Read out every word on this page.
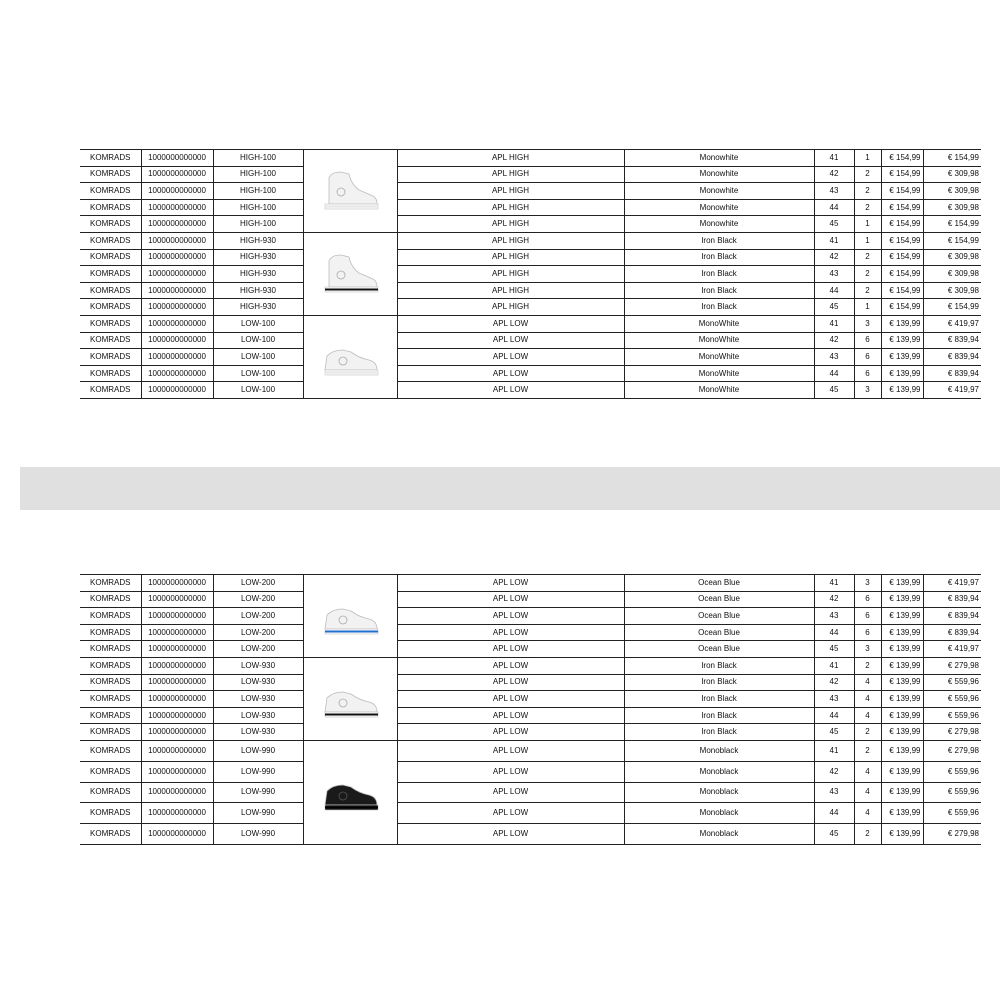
KOMRADS	1000000000000	HIGH-100		APL HIGH	Monowhite	41	1	€ 154,99	€ 154,99
KOMRADS	1000000000000	HIGH-100		APL HIGH	Monowhite	42	2	€ 154,99	€ 309,98
KOMRADS	1000000000000	HIGH-100		APL HIGH	Monowhite	43	2	€ 154,99	€ 309,98
KOMRADS	1000000000000	HIGH-100		APL HIGH	Monowhite	44	2	€ 154,99	€ 309,98
KOMRADS	1000000000000	HIGH-100		APL HIGH	Monowhite	45	1	€ 154,99	€ 154,99
KOMRADS	1000000000000	HIGH-930		APL HIGH	Iron Black	41	1	€ 154,99	€ 154,99
KOMRADS	1000000000000	HIGH-930		APL HIGH	Iron Black	42	2	€ 154,99	€ 309,98
KOMRADS	1000000000000	HIGH-930		APL HIGH	Iron Black	43	2	€ 154,99	€ 309,98
KOMRADS	1000000000000	HIGH-930		APL HIGH	Iron Black	44	2	€ 154,99	€ 309,98
KOMRADS	1000000000000	HIGH-930		APL HIGH	Iron Black	45	1	€ 154,99	€ 154,99
KOMRADS	1000000000000	LOW-100		APL LOW	MonoWhite	41	3	€ 139,99	€ 419,97
KOMRADS	1000000000000	LOW-100		APL LOW	MonoWhite	42	6	€ 139,99	€ 839,94
KOMRADS	1000000000000	LOW-100		APL LOW	MonoWhite	43	6	€ 139,99	€ 839,94
KOMRADS	1000000000000	LOW-100		APL LOW	MonoWhite	44	6	€ 139,99	€ 839,94
KOMRADS	1000000000000	LOW-100		APL LOW	MonoWhite	45	3	€ 139,99	€ 419,97
KOMRADS	1000000000000	LOW-200		APL LOW	Ocean Blue	41	3	€ 139,99	€ 419,97
KOMRADS	1000000000000	LOW-200		APL LOW	Ocean Blue	42	6	€ 139,99	€ 839,94
KOMRADS	1000000000000	LOW-200		APL LOW	Ocean Blue	43	6	€ 139,99	€ 839,94
KOMRADS	1000000000000	LOW-200		APL LOW	Ocean Blue	44	6	€ 139,99	€ 839,94
KOMRADS	1000000000000	LOW-200		APL LOW	Ocean Blue	45	3	€ 139,99	€ 419,97
KOMRADS	1000000000000	LOW-930		APL LOW	Iron Black	41	2	€ 139,99	€ 279,98
KOMRADS	1000000000000	LOW-930		APL LOW	Iron Black	42	4	€ 139,99	€ 559,96
KOMRADS	1000000000000	LOW-930		APL LOW	Iron Black	43	4	€ 139,99	€ 559,96
KOMRADS	1000000000000	LOW-930		APL LOW	Iron Black	44	4	€ 139,99	€ 559,96
KOMRADS	1000000000000	LOW-930		APL LOW	Iron Black	45	2	€ 139,99	€ 279,98
KOMRADS	1000000000000	LOW-990		APL LOW	Monoblack	41	2	€ 139,99	€ 279,98
KOMRADS	1000000000000	LOW-990		APL LOW	Monoblack	42	4	€ 139,99	€ 559,96
KOMRADS	1000000000000	LOW-990		APL LOW	Monoblack	43	4	€ 139,99	€ 559,96
KOMRADS	1000000000000	LOW-990		APL LOW	Monoblack	44	4	€ 139,99	€ 559,96
KOMRADS	1000000000000	LOW-990		APL LOW	Monoblack	45	2	€ 139,99	€ 279,98
